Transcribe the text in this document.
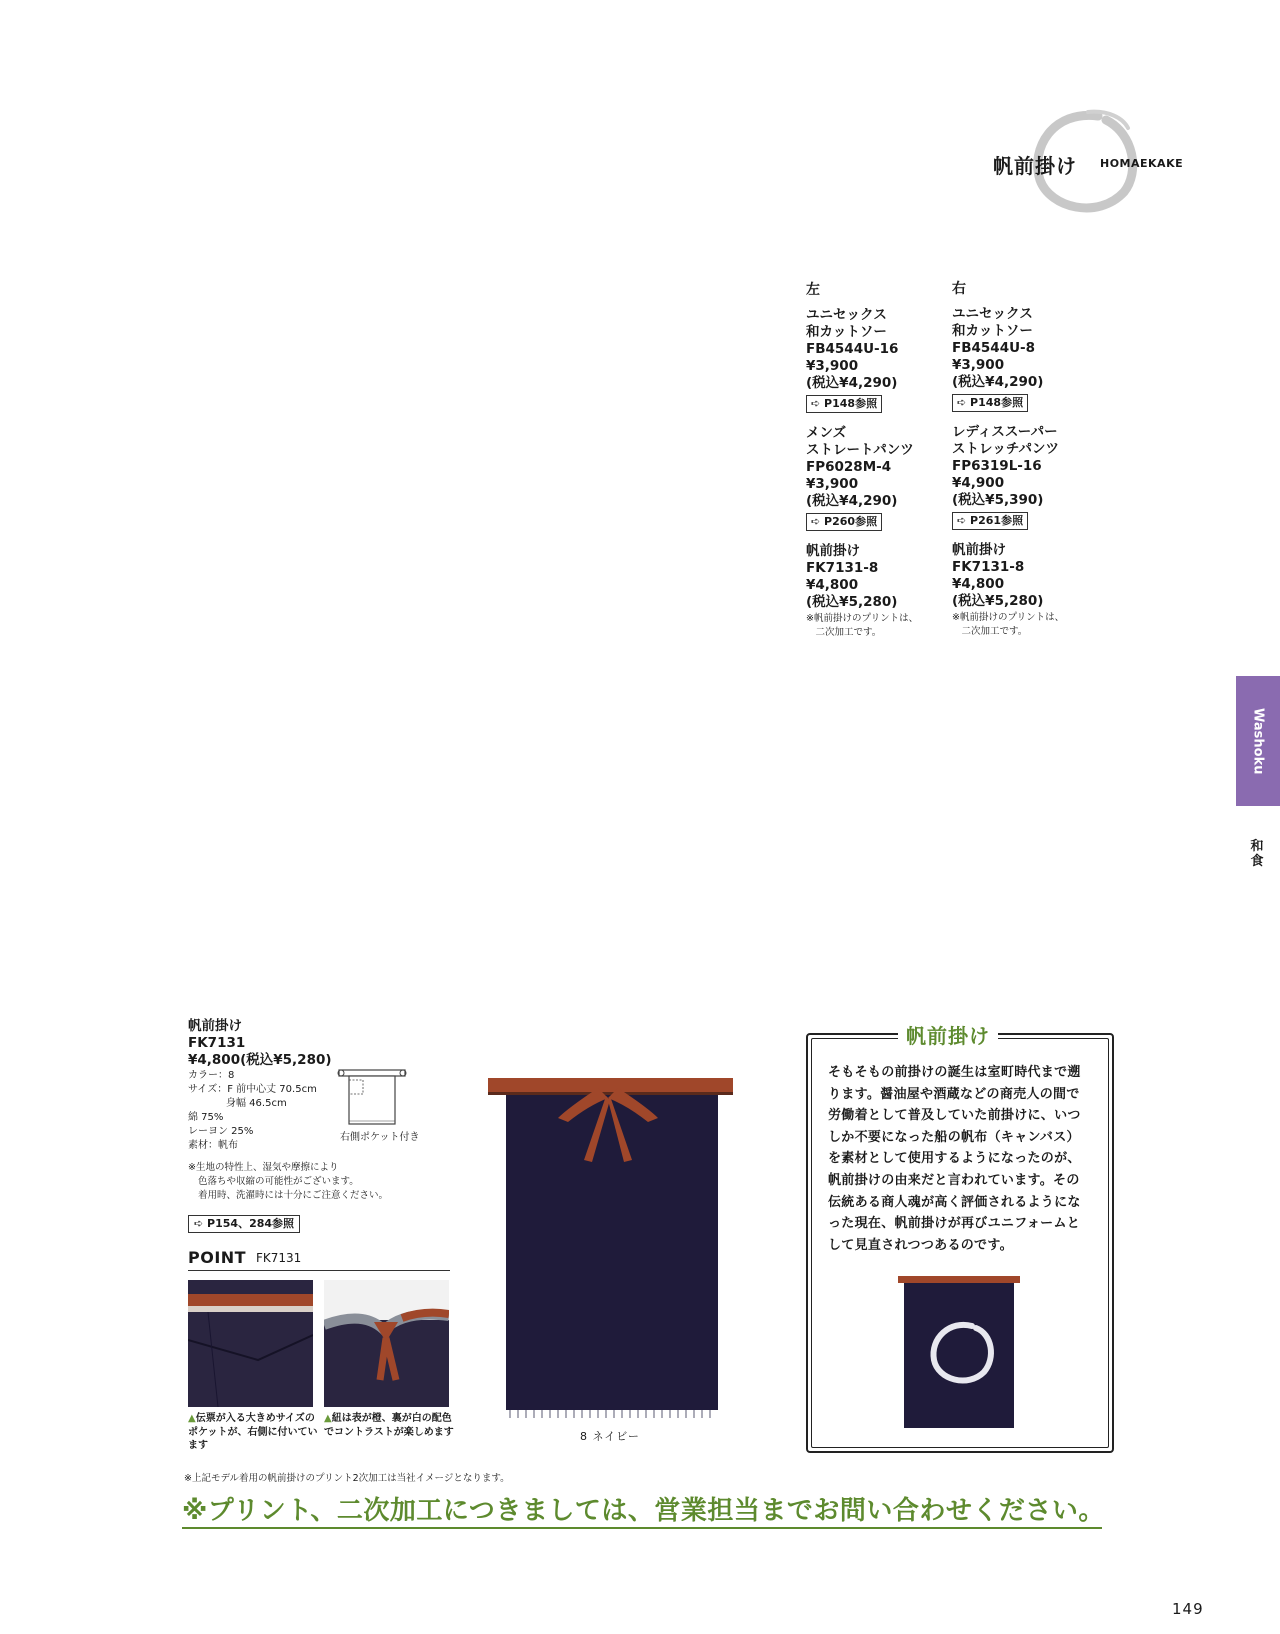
帆前掛け HOMAEKAKE
左
ユニセックス
和カットソー
FB4544U-16
¥3,900
(税込¥4,290)
➪ P148参照
メンズ
ストレートパンツ
FP6028M-4
¥3,900
(税込¥4,290)
➪ P260参照
帆前掛け
FK7131-8
¥4,800
(税込¥5,280)
※帆前掛けのプリントは、
　二次加工です。
右
ユニセックス
和カットソー
FB4544U-8
¥3,900
(税込¥4,290)
➪ P148参照
レディススーパー
ストレッチパンツ
FP6319L-16
¥4,900
(税込¥5,390)
➪ P261参照
帆前掛け
FK7131-8
¥4,800
(税込¥5,280)
※帆前掛けのプリントは、
　二次加工です。
Washoku
和食
帆前掛け
FK7131
¥4,800(税込¥5,280)
カラー：8
サイズ：F 前中心丈 70.5cm
身幅 46.5cm
綿 75%
レーヨン 25%
素材：帆布
※生地の特性上、湿気や摩擦により
色落ちや収縮の可能性がございます。
着用時、洗濯時には十分にご注意ください。
➪ P154、284参照
右側ポケット付き
POINT FK7131
▲伝票が入る大きめサイズのポケットが、右側に付いています
▲紐は表が橙、裏が白の配色でコントラストが楽しめます	8 ネイビー
帆前掛け
そもそもの前掛けの誕生は室町時代まで遡ります。醤油屋や酒蔵などの商売人の間で労働着として普及していた前掛けに、いつしか不要になった船の帆布（キャンバス）を素材として使用するようになったのが、帆前掛けの由来だと言われています。その伝統ある商人魂が高く評価されるようになった現在、帆前掛けが再びユニフォームとして見直されつつあるのです。
※上記モデル着用の帆前掛けのプリント2次加工は当社イメージとなります。
※プリント、二次加工につきましては、営業担当までお問い合わせください。
149
